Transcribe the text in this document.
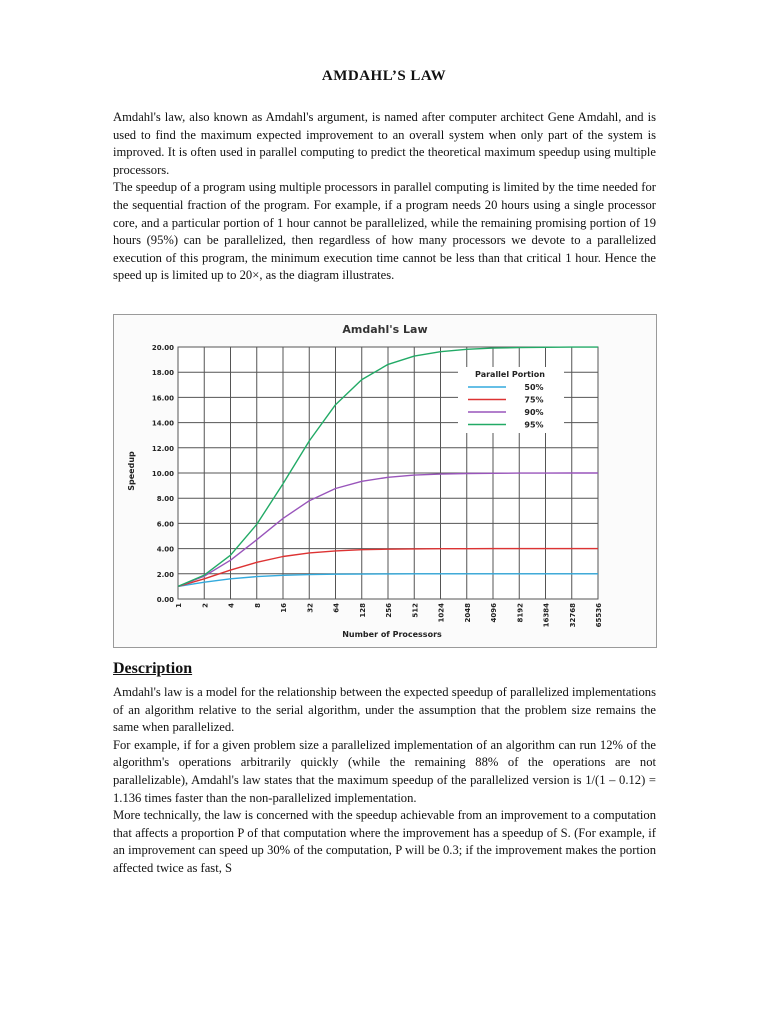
AMDAHL’S LAW

Amdahl's law, also known as Amdahl's argument, is named after computer architect Gene Amdahl, and is used to find the maximum expected improvement to an overall system when only part of the system is improved. It is often used in parallel computing to predict the theoretical maximum speedup using multiple processors.

The speedup of a program using multiple processors in parallel computing is limited by the time needed for the sequential fraction of the program. For example, if a program needs 20 hours using a single processor core, and a particular portion of 1 hour cannot be parallelized, while the remaining promising portion of 19 hours (95%) can be parallelized, then regardless of how many processors we devote to a parallelized execution of this program, the minimum execution time cannot be less than that critical 1 hour. Hence the speed up is limited up to 20×, as the diagram illustrates.

Amdahl's Law
Speedup
Number of Processors
1	2	4	8	16	32	64	128	256	512	1024	2048	4096	8192	16384	32768	65536
0.00
2.00
4.00
6.00
8.00
10.00
12.00
14.00
16.00
18.00
20.00
Parallel Portion
50%
75%
90%
95%
Description

Amdahl's law is a model for the relationship between the expected speedup of parallelized implementations of an algorithm relative to the serial algorithm, under the assumption that the problem size remains the same when parallelized.

For example, if for a given problem size a parallelized implementation of an algorithm can run 12% of the algorithm's operations arbitrarily quickly (while the remaining 88% of the operations are not parallelizable), Amdahl's law states that the maximum speedup of the parallelized version is 1/(1 – 0.12) = 1.136 times faster than the non-parallelized implementation.

More technically, the law is concerned with the speedup achievable from an improvement to a computation that affects a proportion P of that computation where the improvement has a speedup of S. (For example, if an improvement can speed up 30% of the computation, P will be 0.3; if the improvement makes the portion affected twice as fast, S
